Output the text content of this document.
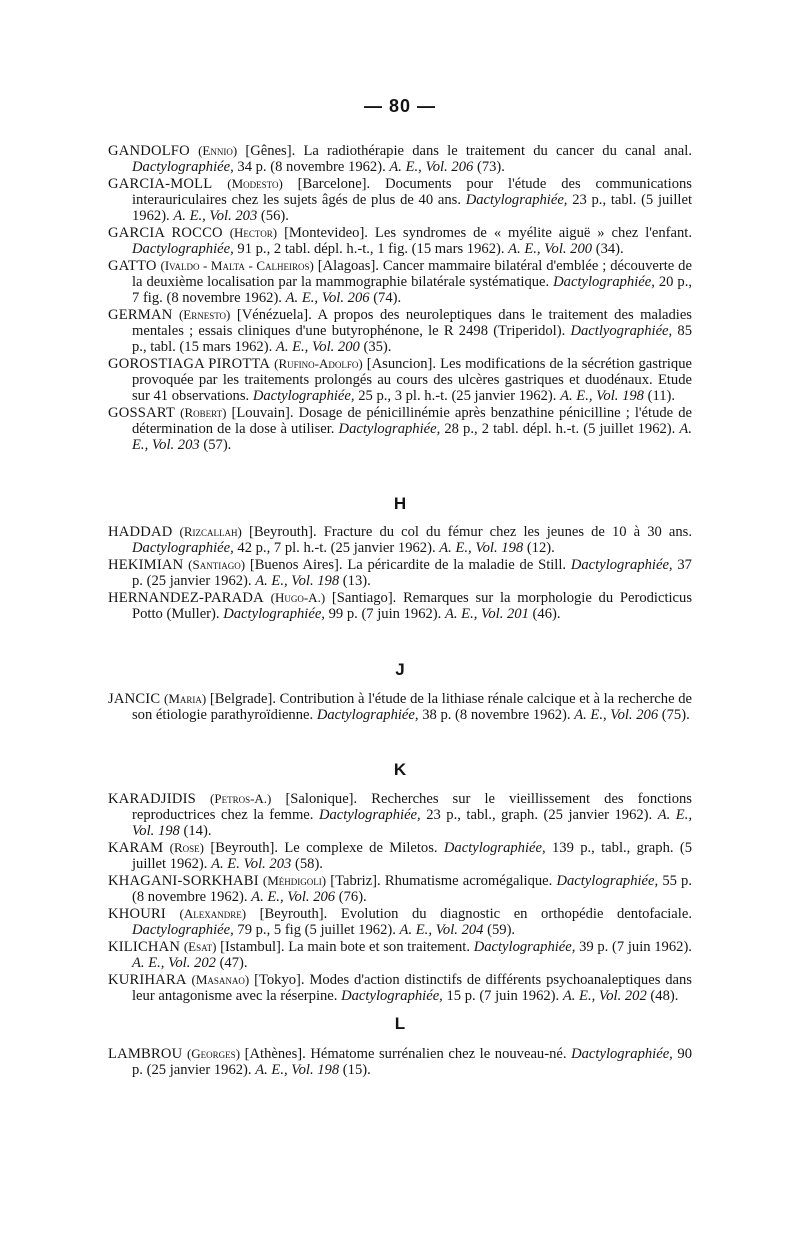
— 80 —

GANDOLFO (Ennio) [Gênes]. La radiothérapie dans le traitement du cancer du canal anal. Dactylographiée, 34 p. (8 novembre 1962). A. E., Vol. 206 (73).

GARCIA-MOLL (Modesto) [Barcelone]. Documents pour l'étude des communications interauriculaires chez les sujets âgés de plus de 40 ans. Dactylographiée, 23 p., tabl. (5 juillet 1962). A. E., Vol. 203 (56).

GARCIA ROCCO (Hector) [Montevideo]. Les syndromes de « myélite aiguë » chez l'enfant. Dactylographiée, 91 p., 2 tabl. dépl. h.-t., 1 fig. (15 mars 1962). A. E., Vol. 200 (34).

GATTO (Ivaldo - Malta - Calheiros) [Alagoas]. Cancer mammaire bilatéral d'emblée ; découverte de la deuxième localisation par la mammographie bilatérale systématique. Dactylographiée, 20 p., 7 fig. (8 novembre 1962). A. E., Vol. 206 (74).

GERMAN (Ernesto) [Vénézuela]. A propos des neuroleptiques dans le traitement des maladies mentales ; essais cliniques d'une butyrophénone, le R 2498 (Triperidol). Dactlyographiée, 85 p., tabl. (15 mars 1962). A. E., Vol. 200 (35).

GOROSTIAGA PIROTTA (Rufino-Adolfo) [Asuncion]. Les modifications de la sécrétion gastrique provoquée par les traitements prolongés au cours des ulcères gastriques et duodénaux. Etude sur 41 observations. Dactylographiée, 25 p., 3 pl. h.-t. (25 janvier 1962). A. E., Vol. 198 (11).

GOSSART (Robert) [Louvain]. Dosage de pénicillinémie après benzathine pénicilline ; l'étude de détermination de la dose à utiliser. Dactylographiée, 28 p., 2 tabl. dépl. h.-t. (5 juillet 1962). A. E., Vol. 203 (57).

H

HADDAD (Rizcallah) [Beyrouth]. Fracture du col du fémur chez les jeunes de 10 à 30 ans. Dactylographiée, 42 p., 7 pl. h.-t. (25 janvier 1962). A. E., Vol. 198 (12).

HEKIMIAN (Santiago) [Buenos Aires]. La péricardite de la maladie de Still. Dactylographiée, 37 p. (25 janvier 1962). A. E., Vol. 198 (13).

HERNANDEZ-PARADA (Hugo-A.) [Santiago]. Remarques sur la morphologie du Perodicticus Potto (Muller). Dactylographiée, 99 p. (7 juin 1962). A. E., Vol. 201 (46).

J

JANCIC (Maria) [Belgrade]. Contribution à l'étude de la lithiase rénale calcique et à la recherche de son étiologie parathyroïdienne. Dactylographiée, 38 p. (8 novembre 1962). A. E., Vol. 206 (75).

K

KARADJIDIS (Petros-A.) [Salonique]. Recherches sur le vieillissement des fonctions reproductrices chez la femme. Dactylographiée, 23 p., tabl., graph. (25 janvier 1962). A. E., Vol. 198 (14).

KARAM (Rose) [Beyrouth]. Le complexe de Miletos. Dactylographiée, 139 p., tabl., graph. (5 juillet 1962). A. E. Vol. 203 (58).

KHAGANI-SORKHABI (Méhdigoli) [Tabriz]. Rhumatisme acromégalique. Dactylographiée, 55 p. (8 novembre 1962). A. E., Vol. 206 (76).

KHOURI (Alexandre) [Beyrouth]. Evolution du diagnostic en orthopédie dentofaciale. Dactylographiée, 79 p., 5 fig (5 juillet 1962). A. E., Vol. 204 (59).

KILICHAN (Esat) [Istambul]. La main bote et son traitement. Dactylographiée, 39 p. (7 juin 1962). A. E., Vol. 202 (47).

KURIHARA (Masanao) [Tokyo]. Modes d'action distinctifs de différents psychoanaleptiques dans leur antagonisme avec la réserpine. Dactylographiée, 15 p. (7 juin 1962). A. E., Vol. 202 (48).

L

LAMBROU (Georges) [Athènes]. Hématome surrénalien chez le nouveau-né. Dactylographiée, 90 p. (25 janvier 1962). A. E., Vol. 198 (15).
